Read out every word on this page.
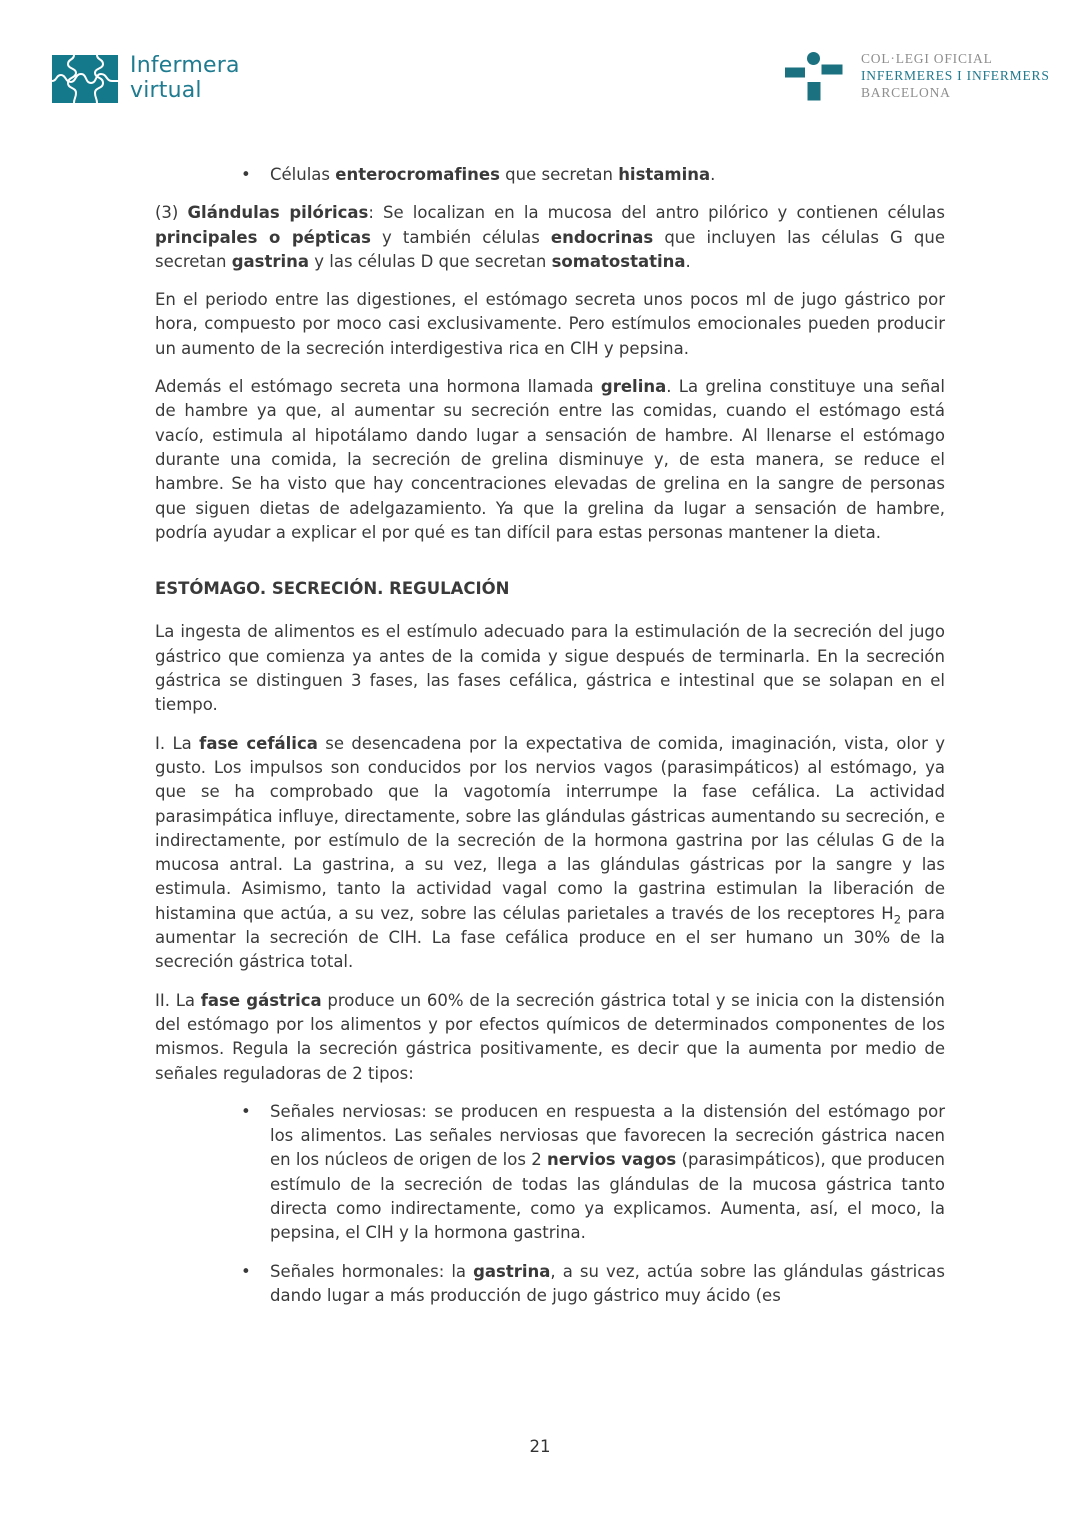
Infermera
virtual
COL·LEGI OFICIAL
INFERMERES I INFERMERS
BARCELONA
•	Células enterocromafines que secretan histamina.

(3) Glándulas pilóricas: Se localizan en la mucosa del antro pilórico y contienen células principales o pépticas y también células endocrinas que incluyen las células G que secretan gastrina y las células D que secretan somatostatina.

En el periodo entre las digestiones, el estómago secreta unos pocos ml de jugo gástrico por hora, compuesto por moco casi exclusivamente. Pero estímulos emocionales pueden producir un aumento de la secreción interdigestiva rica en ClH y pepsina.

Además el estómago secreta una hormona llamada grelina. La grelina constituye una señal de hambre ya que, al aumentar su secreción entre las comidas, cuando el estómago está vacío, estimula al hipotálamo dando lugar a sensación de hambre. Al llenarse el estómago durante una comida, la secreción de grelina disminuye y, de esta manera, se reduce el hambre. Se ha visto que hay concentraciones elevadas de grelina en la sangre de personas que siguen dietas de adelgazamiento. Ya que la grelina da lugar a sensación de hambre, podría ayudar a explicar el por qué es tan difícil para estas personas mantener la dieta.

ESTÓMAGO. SECRECIÓN. REGULACIÓN

La ingesta de alimentos es el estímulo adecuado para la estimulación de la secreción del jugo gástrico que comienza ya antes de la comida y sigue después de terminarla. En la secreción gástrica se distinguen 3 fases, las fases cefálica, gástrica e intestinal que se solapan en el tiempo.

I. La fase cefálica se desencadena por la expectativa de comida, imaginación, vista, olor y gusto. Los impulsos son conducidos por los nervios vagos (parasimpáticos) al estómago, ya que se ha comprobado que la vagotomía interrumpe la fase cefálica. La actividad parasimpática influye, directamente, sobre las glándulas gástricas aumentando su secreción, e indirectamente, por estímulo de la secreción de la hormona gastrina por las células G de la mucosa antral. La gastrina, a su vez, llega a las glándulas gástricas por la sangre y las estimula. Asimismo, tanto la actividad vagal como la gastrina estimulan la liberación de histamina que actúa, a su vez, sobre las células parietales a través de los receptores $H_2$ para aumentar la secreción de ClH. La fase cefálica produce en el ser humano un 30% de la secreción gástrica total.

II. La fase gástrica produce un 60% de la secreción gástrica total y se inicia con la distensión del estómago por los alimentos y por efectos químicos de determinados componentes de los mismos. Regula la secreción gástrica positivamente, es decir que la aumenta por medio de señales reguladoras de 2 tipos:

•	Señales nerviosas: se producen en respuesta a la distensión del estómago por los alimentos. Las señales nerviosas que favorecen la secreción gástrica nacen en los núcleos de origen de los 2 nervios vagos (parasimpáticos), que producen estímulo de la secreción de todas las glándulas de la mucosa gástrica tanto directa como indirectamente, como ya explicamos. Aumenta, así, el moco, la pepsina, el ClH y la hormona gastrina.

•	Señales hormonales: la gastrina, a su vez, actúa sobre las glándulas gástricas dando lugar a más producción de jugo gástrico muy ácido (es

21
